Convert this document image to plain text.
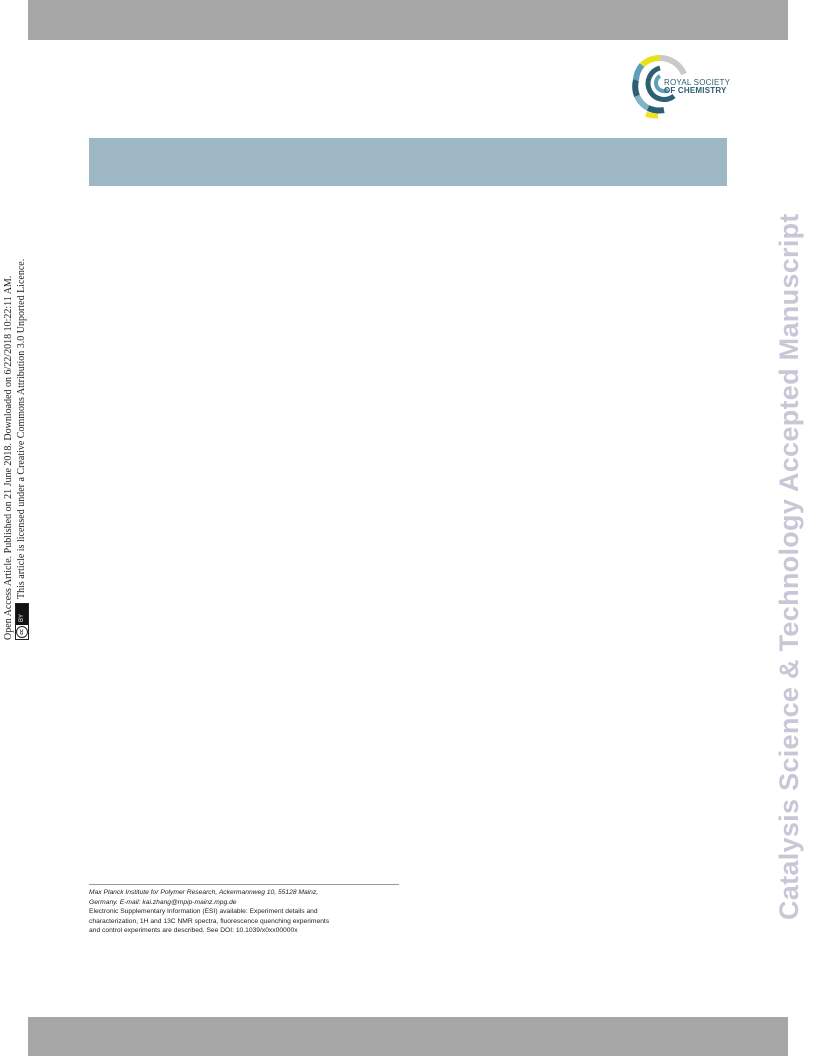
ROYAL SOCIETY
OF CHEMISTRY
Open Access Article. Published on 21 June 2018. Downloaded on 6/22/2018 10:22:11 AM. cc
BY
This article is licensed under a Creative Commons Attribution 3.0 Unported Licence.	Catalysis Science & Technology Accepted Manuscript

Max Planck Institute for Polymer Research, Ackermannweg 10, 55128 Mainz,

Germany. E-mail: kai.zhang@mpip-mainz.mpg.de

Electronic Supplementary Information (ESI) available: Experiment details and

characterization, 1H and 13C NMR spectra, fluorescence quenching experiments

and control experiments are described. See DOI: 10.1039/x0xx00000x
